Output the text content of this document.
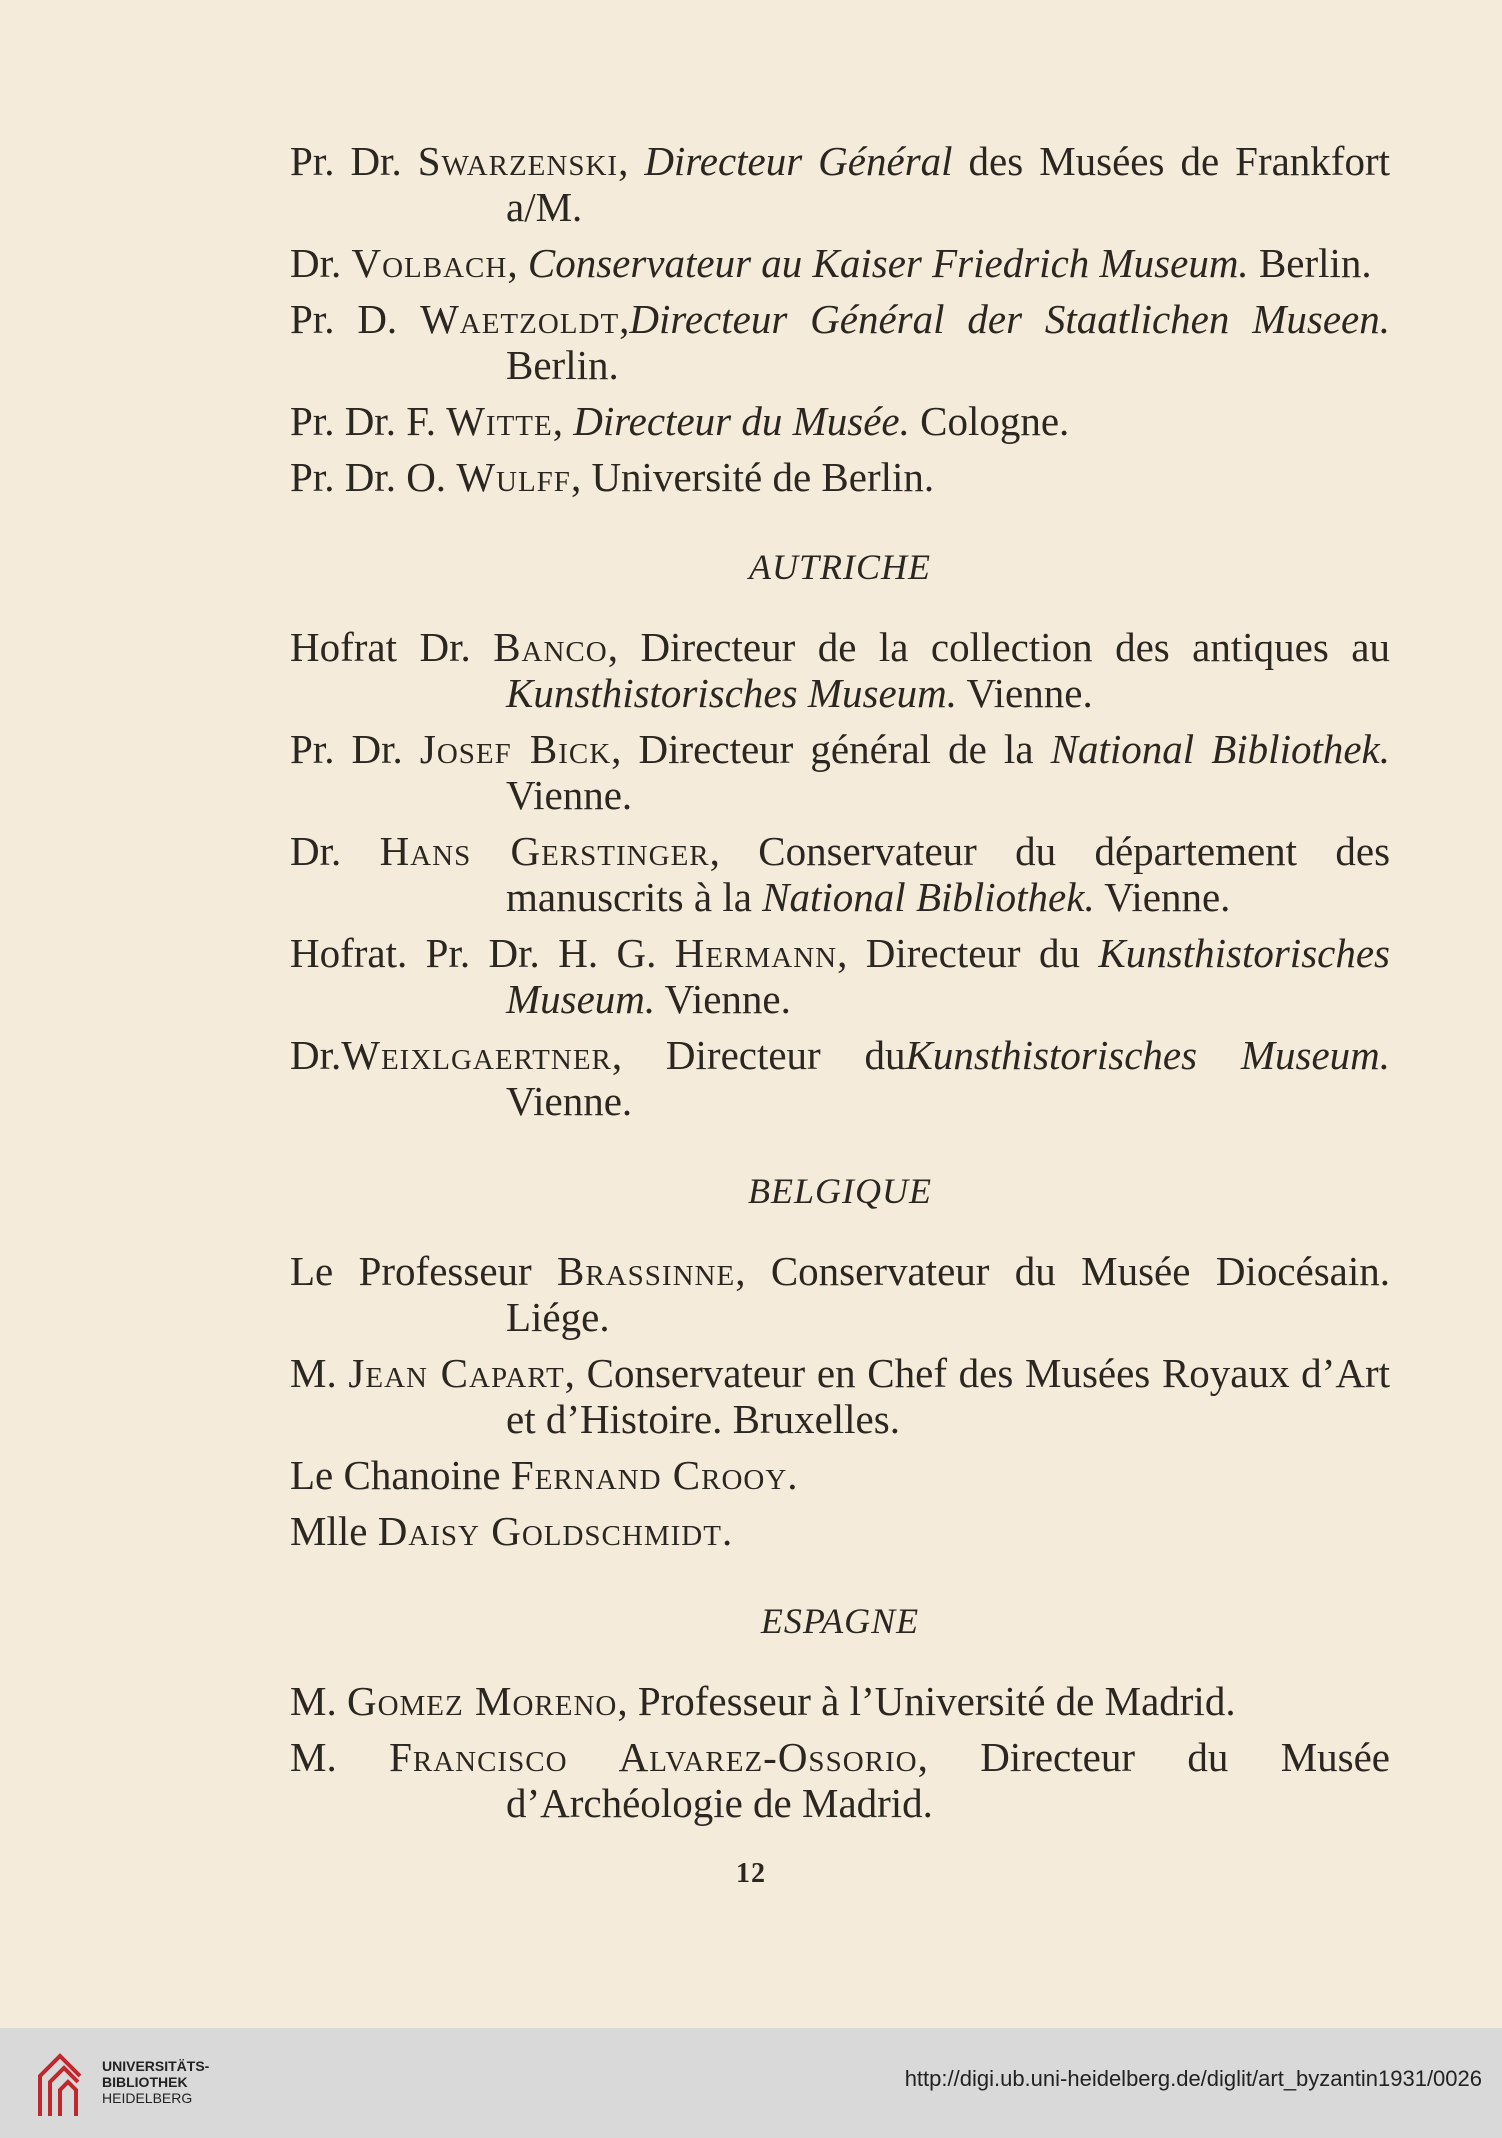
Pr. Dr. Swarzenski, Directeur Général des Musées de Frankfort a/M.

Dr. Volbach, Conservateur au Kaiser Friedrich Museum. Berlin.

Pr. D. Waetzoldt,Directeur Général der Staatlichen Museen. Berlin.

Pr. Dr. F. Witte, Directeur du Musée. Cologne.

Pr. Dr. O. Wulff, Université de Berlin.

AUTRICHE

Hofrat Dr. Banco, Directeur de la collection des antiques au Kunsthistorisches Museum. Vienne.

Pr. Dr. Josef Bick, Directeur général de la National Bibliothek. Vienne.

Dr. Hans Gerstinger, Conservateur du département des manuscrits à la National Bibliothek. Vienne.

Hofrat. Pr. Dr. H. G. Hermann, Directeur du Kunsthistorisches Museum. Vienne.

Dr.Weixlgaertner, Directeur duKunsthistorisches Museum. Vienne.

BELGIQUE

Le Professeur Brassinne, Conservateur du Musée Diocésain. Liége.

M. Jean Capart, Conservateur en Chef des Musées Royaux d’Art et d’Histoire. Bruxelles.

Le Chanoine Fernand Crooy.

Mlle Daisy Goldschmidt.

ESPAGNE

M. Gomez Moreno, Professeur à l’Université de Madrid.

M. Francisco Alvarez-Ossorio, Directeur du Musée d’Archéologie de Madrid.

12
UNIVERSITÄTS-
BIBLIOTHEK
HEIDELBERG
http://digi.ub.uni-heidelberg.de/diglit/art_byzantin1931/0026
